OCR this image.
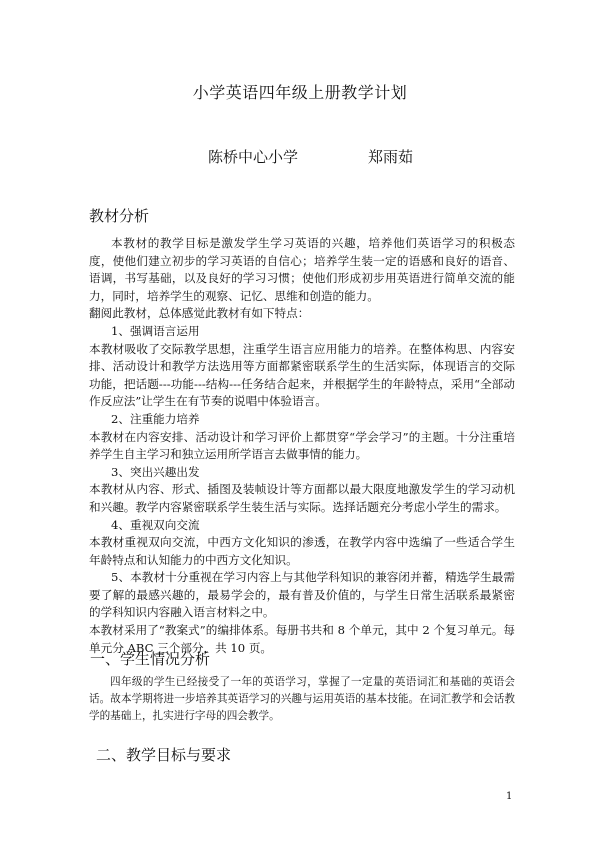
小学英语四年级上册教学计划
陈桥中心小学	郑雨茹
教材分析

本教材的教学目标是激发学生学习英语的兴趣，培养他们英语学习的积极态度，使他们建立初步的学习英语的自信心；培养学生装一定的语感和良好的语音、语调，书写基础，以及良好的学习习惯；使他们形成初步用英语进行简单交流的能力，同时，培养学生的观察、记忆、思维和创造的能力。

翻阅此教材，总体感觉此教材有如下特点：

1、强调语言运用

本教材吸收了交际教学思想，注重学生语言应用能力的培养。在整体构思、内容安排、活动设计和教学方法选用等方面都紧密联系学生的生活实际，体现语言的交际功能，把话题---功能---结构---任务结合起来，并根据学生的年龄特点，采用“全部动作反应法”让学生在有节奏的说唱中体验语言。

2、注重能力培养

本教材在内容安排、活动设计和学习评价上都贯穿“学会学习”的主题。十分注重培养学生自主学习和独立运用所学语言去做事情的能力。

3、突出兴趣出发

本教材从内容、形式、插图及装帧设计等方面都以最大限度地激发学生的学习动机和兴趣。教学内容紧密联系学生装生活与实际。选择话题充分考虑小学生的需求。

4、重视双向交流

本教材重视双向交流，中西方文化知识的渗透，在教学内容中选编了一些适合学生年龄特点和认知能力的中西方文化知识。

5、本教材十分重视在学习内容上与其他学科知识的兼容闭并蓄，精选学生最需要了解的最感兴趣的，最易学会的，最有普及价值的，与学生日常生活联系最紧密的学科知识内容融入语言材料之中。

本教材采用了“教案式”的编排体系。每册书共和 8 个单元，其中 2 个复习单元。每单元分 ABC 三个部分，共 10 页。

一、学生情况分析

四年级的学生已经接受了一年的英语学习，掌握了一定量的英语词汇和基础的英语会话。故本学期将进一步培养其英语学习的兴趣与运用英语的基本技能。在词汇教学和会话教学的基础上，扎实进行字母的四会教学。

二、教学目标与要求
1
